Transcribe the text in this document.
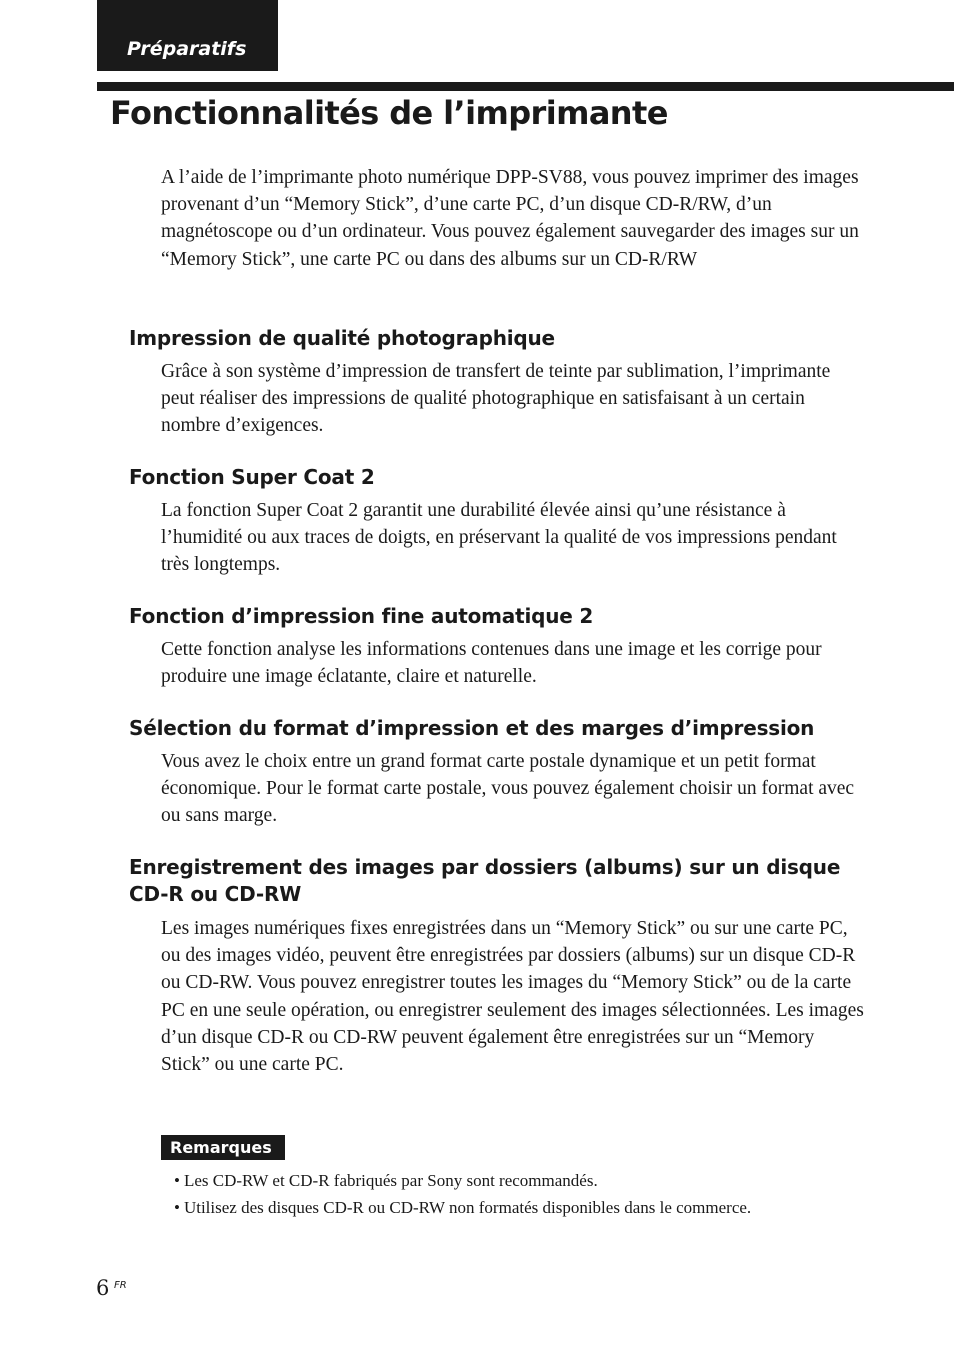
Préparatifs
Fonctionnalités de l’imprimante

A l’aide de l’imprimante photo numérique DPP-SV88, vous pouvez imprimer des images provenant d’un “Memory Stick”, d’une carte PC, d’un disque CD-R/RW, d’un magnétoscope ou d’un ordinateur. Vous pouvez également sauvegarder des images sur un “Memory Stick”, une carte PC ou dans des albums sur un CD-R/RW

Impression de qualité photographique

Grâce à son système d’impression de transfert de teinte par sublimation, l’imprimante peut réaliser des impressions de qualité photographique en satisfaisant à un certain nombre d’exigences.

Fonction Super Coat 2

La fonction Super Coat 2 garantit une durabilité élevée ainsi qu’une résistance à l’humidité ou aux traces de doigts, en préservant la qualité de vos impressions pendant très longtemps.

Fonction d’impression fine automatique 2

Cette fonction analyse les informations contenues dans une image et les corrige pour produire une image éclatante, claire et naturelle.

Sélection du format d’impression et des marges d’impression

Vous avez le choix entre un grand format carte postale dynamique et un petit format économique. Pour le format carte postale, vous pouvez également choisir un format avec ou sans marge.

Enregistrement des images par dossiers (albums) sur un disque CD-R ou CD-RW

Les images numériques fixes enregistrées dans un “Memory Stick” ou sur une carte PC, ou des images vidéo, peuvent être enregistrées par dossiers (albums) sur un disque CD-R ou CD-RW. Vous pouvez enregistrer toutes les images du “Memory Stick” ou de la carte PC en une seule opération, ou enregistrer seulement des images sélectionnées. Les images d’un disque CD-R ou CD-RW peuvent également être enregistrées sur un “Memory Stick” ou une carte PC.

Remarques
• Les CD-RW et CD-R fabriqués par Sony sont recommandés.
• Utilisez des disques CD-R ou CD-RW non formatés disponibles dans le commerce.
6 FR
